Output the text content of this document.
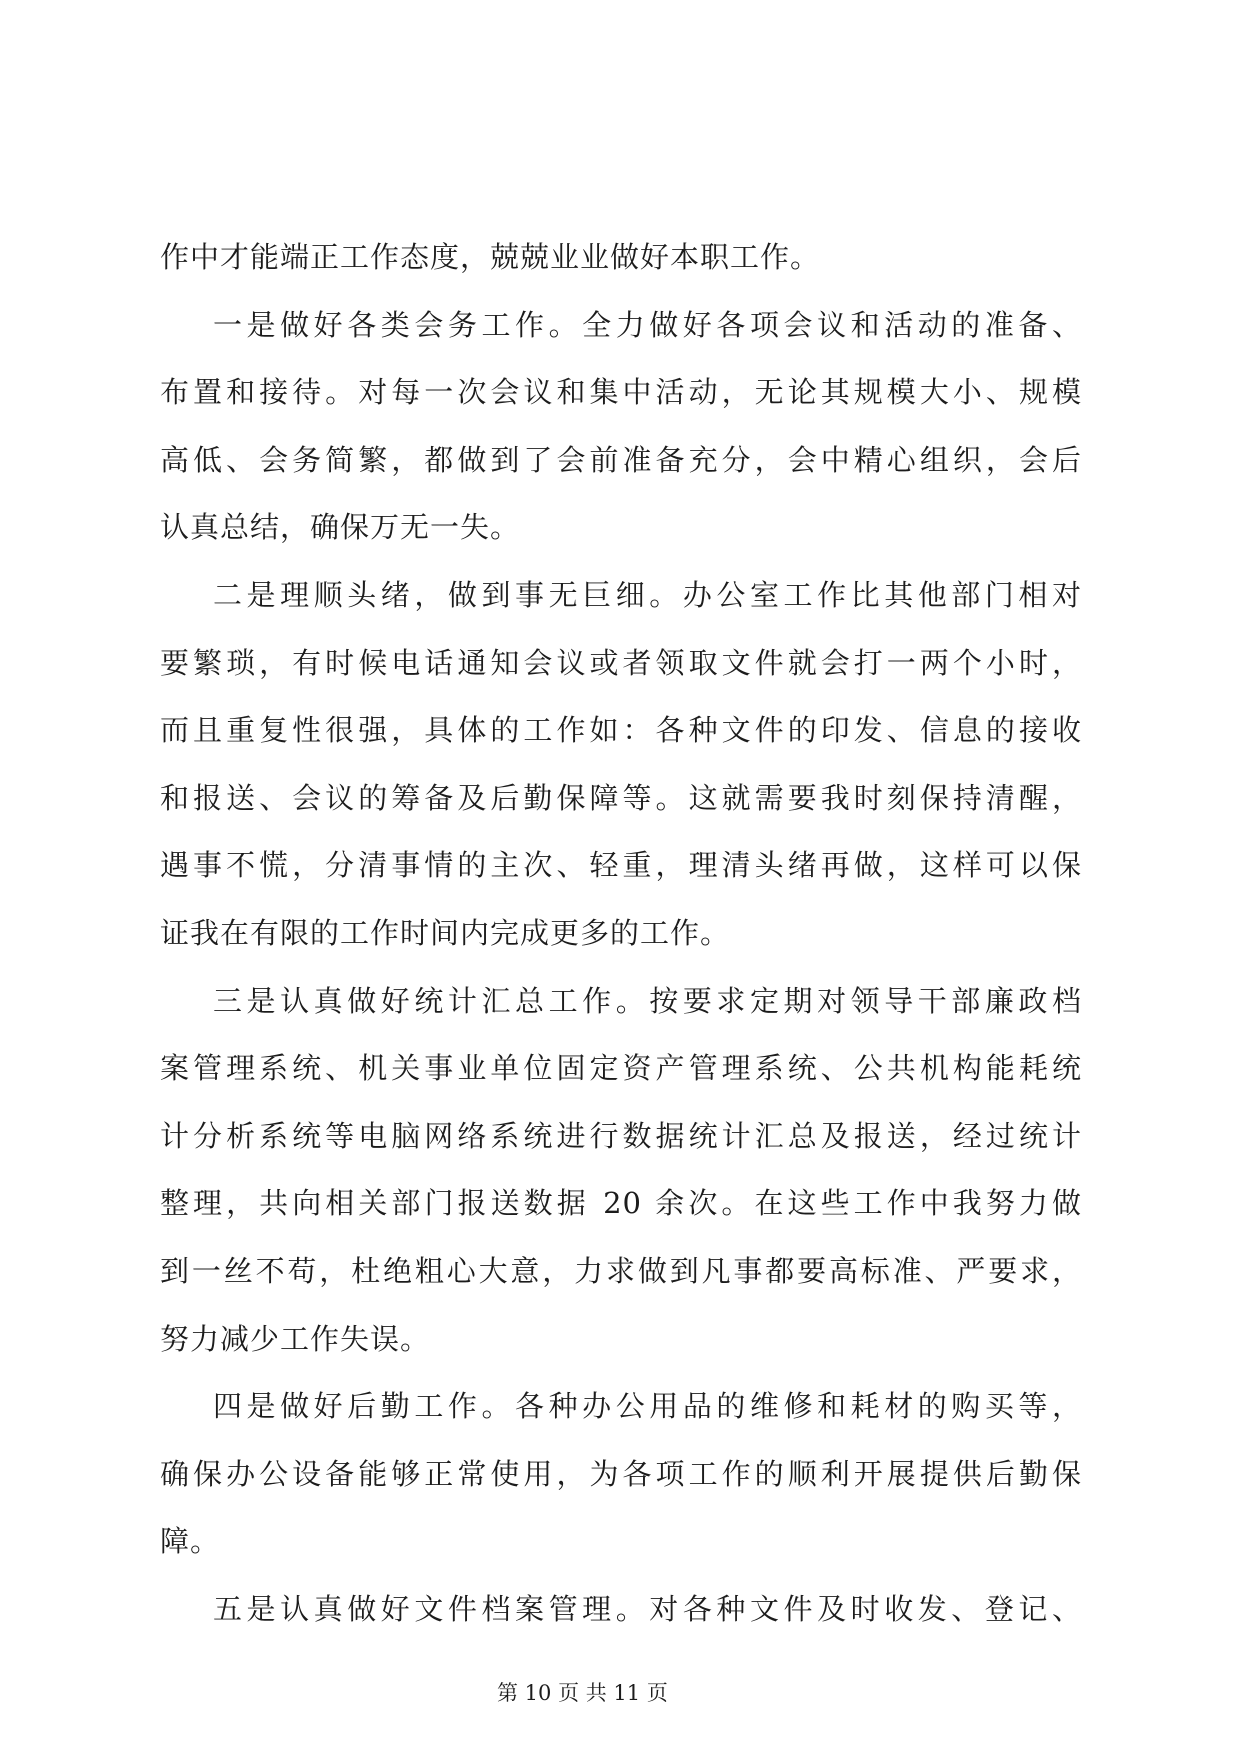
作中才能端正工作态度，兢兢业业做好本职工作。
一是做好各类会务工作。全力做好各项会议和活动的准备、
布置和接待。对每一次会议和集中活动，无论其规模大小、规模
高低、会务简繁，都做到了会前准备充分，会中精心组织，会后
认真总结，确保万无一失。
二是理顺头绪，做到事无巨细。办公室工作比其他部门相对
要繁琐，有时候电话通知会议或者领取文件就会打一两个小时，
而且重复性很强，具体的工作如：各种文件的印发、信息的接收
和报送、会议的筹备及后勤保障等。这就需要我时刻保持清醒，
遇事不慌，分清事情的主次、轻重，理清头绪再做，这样可以保
证我在有限的工作时间内完成更多的工作。
三是认真做好统计汇总工作。按要求定期对领导干部廉政档
案管理系统、机关事业单位固定资产管理系统、公共机构能耗统
计分析系统等电脑网络系统进行数据统计汇总及报送，经过统计
整理，共向相关部门报送数据 20 余次。在这些工作中我努力做
到一丝不苟，杜绝粗心大意，力求做到凡事都要高标准、严要求，
努力减少工作失误。
四是做好后勤工作。各种办公用品的维修和耗材的购买等，
确保办公设备能够正常使用，为各项工作的顺利开展提供后勤保
障。
五是认真做好文件档案管理。对各种文件及时收发、登记、
第 10 页 共 11 页
